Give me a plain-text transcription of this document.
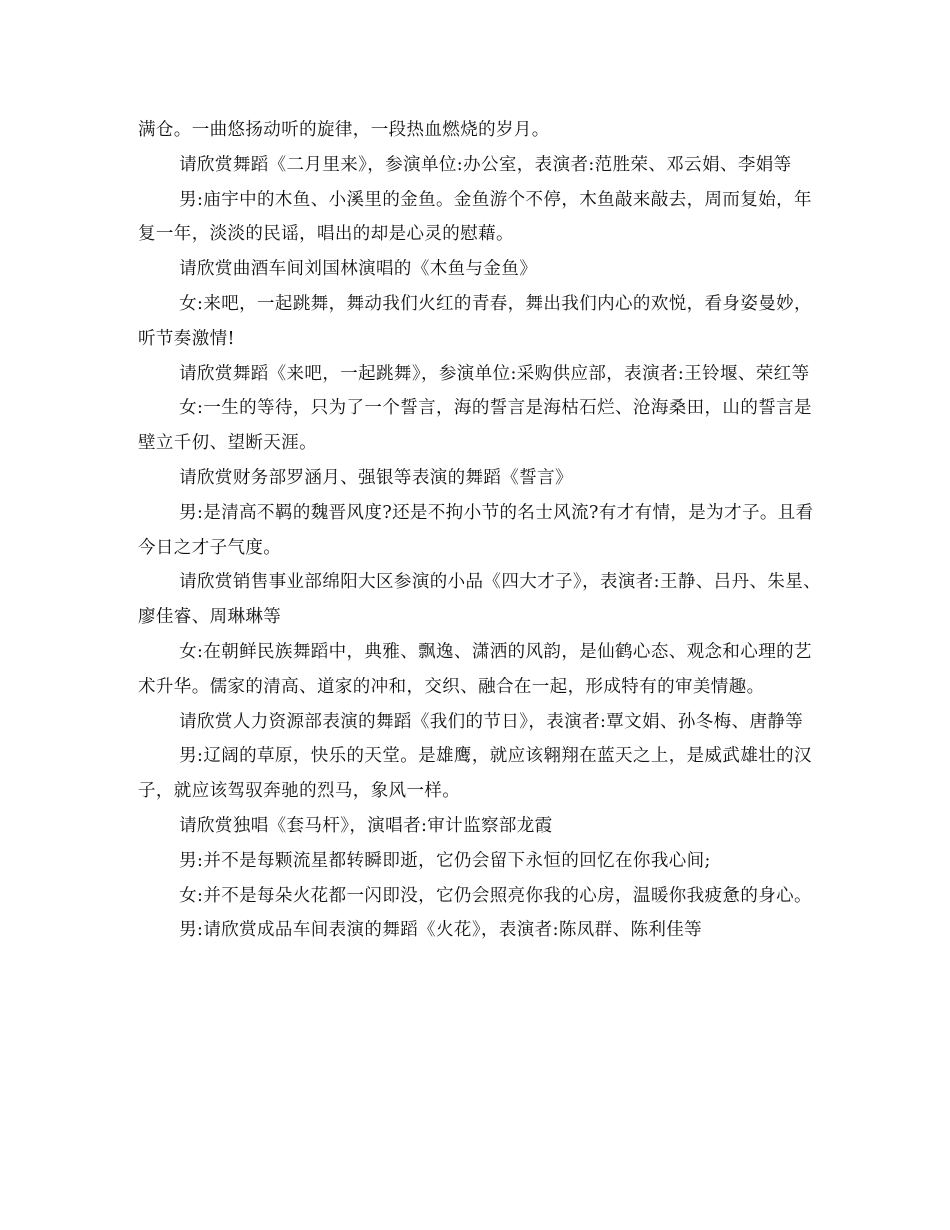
满仓。一曲悠扬动听的旋律，一段热血燃烧的岁月。

请欣赏舞蹈《二月里来》，参演单位:办公室，表演者:范胜荣、邓云娟、李娟等

男:庙宇中的木鱼、小溪里的金鱼。金鱼游个不停，木鱼敲来敲去，周而复始，年复一年，淡淡的民谣，唱出的却是心灵的慰藉。

请欣赏曲酒车间刘国林演唱的《木鱼与金鱼》

女:来吧，一起跳舞，舞动我们火红的青春，舞出我们内心的欢悦，看身姿曼妙，听节奏激情!

请欣赏舞蹈《来吧，一起跳舞》，参演单位:采购供应部，表演者:王铃堰、荣红等

女:一生的等待，只为了一个誓言，海的誓言是海枯石烂、沧海桑田，山的誓言是壁立千仞、望断天涯。

请欣赏财务部罗涵月、强银等表演的舞蹈《誓言》

男:是清高不羁的魏晋风度?还是不拘小节的名士风流?有才有情，是为才子。且看今日之才子气度。

请欣赏销售事业部绵阳大区参演的小品《四大才子》，表演者:王静、吕丹、朱星、廖佳睿、周琳琳等

女:在朝鲜民族舞蹈中，典雅、飘逸、潇洒的风韵，是仙鹤心态、观念和心理的艺术升华。儒家的清高、道家的冲和，交织、融合在一起，形成特有的审美情趣。

请欣赏人力资源部表演的舞蹈《我们的节日》，表演者:覃文娟、孙冬梅、唐静等

男:辽阔的草原，快乐的天堂。是雄鹰，就应该翱翔在蓝天之上，是威武雄壮的汉子，就应该驾驭奔驰的烈马，象风一样。

请欣赏独唱《套马杆》，演唱者:审计监察部龙霞

男:并不是每颗流星都转瞬即逝，它仍会留下永恒的回忆在你我心间;

女:并不是每朵火花都一闪即没，它仍会照亮你我的心房，温暖你我疲惫的身心。

男:请欣赏成品车间表演的舞蹈《火花》，表演者:陈凤群、陈利佳等
